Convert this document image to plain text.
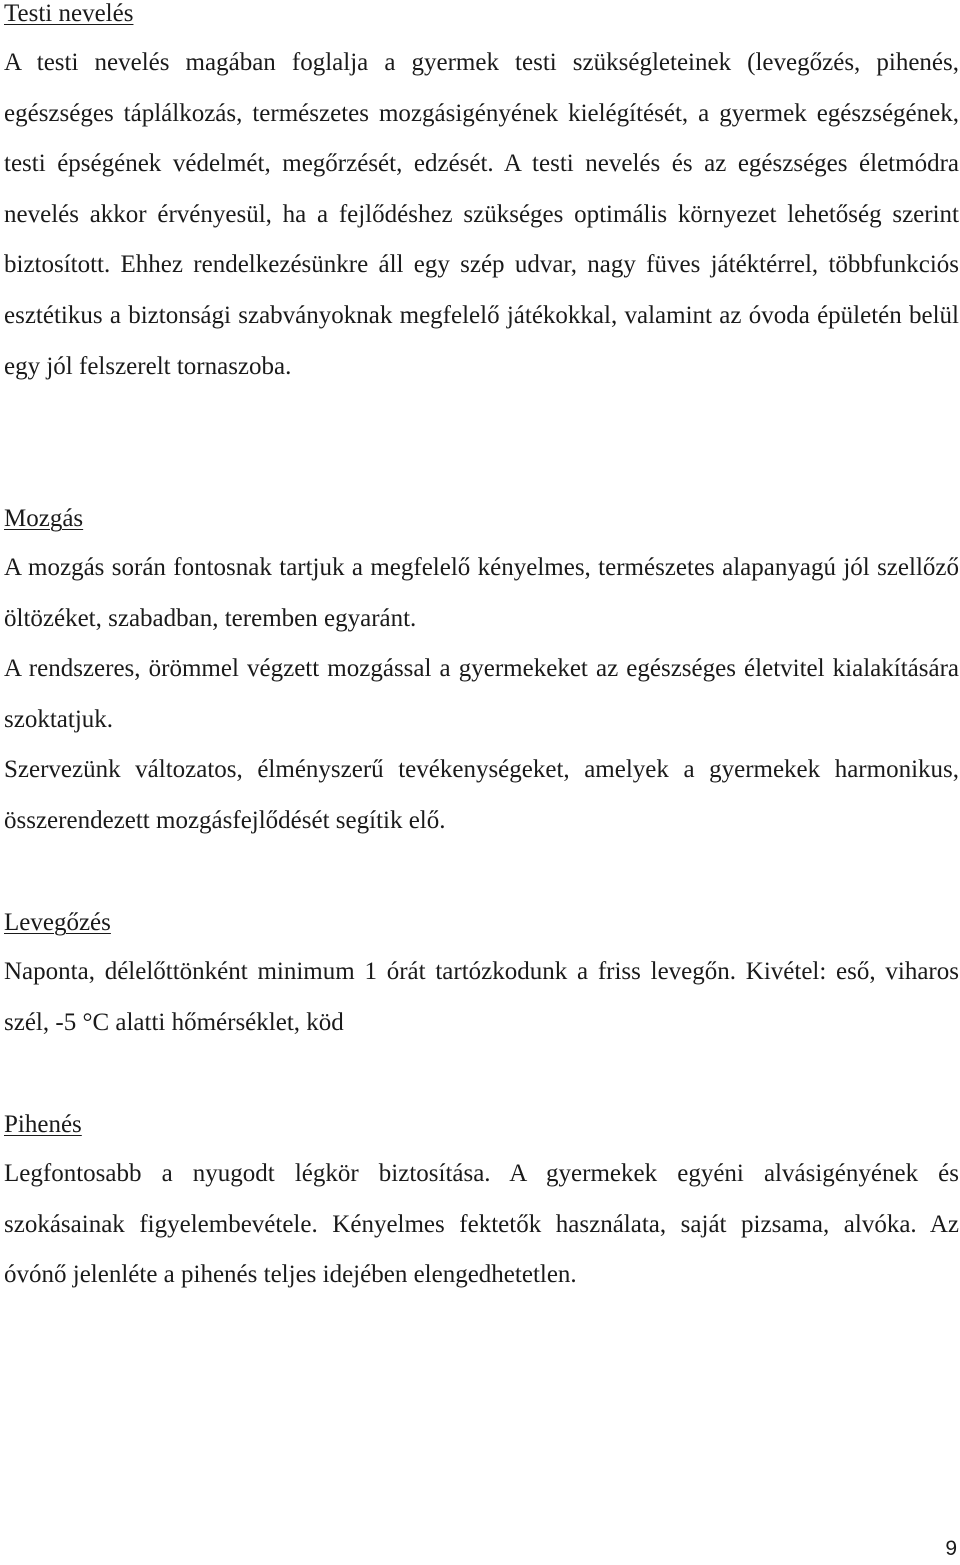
Testi nevelés

A testi nevelés magában foglalja a gyermek testi szükségleteinek (levegőzés, pihenés, egészséges táplálkozás, természetes mozgásigényének kielégítését, a gyermek egészségének, testi épségének védelmét, megőrzését, edzését. A testi nevelés és az egészséges életmódra nevelés akkor érvényesül, ha a fejlődéshez szükséges optimális környezet lehetőség szerint biztosított. Ehhez rendelkezésünkre áll egy szép udvar, nagy füves játéktérrel, többfunkciós esztétikus a biztonsági szabványoknak megfelelő játékokkal, valamint az óvoda épületén belül egy jól felszerelt tornaszoba.

Mozgás

A mozgás során fontosnak tartjuk a megfelelő kényelmes, természetes alapanyagú jól szellőző öltözéket, szabadban, teremben egyaránt.

A rendszeres, örömmel végzett mozgással a gyermekeket az egészséges életvitel kialakítására szoktatjuk.

Szervezünk változatos, élményszerű tevékenységeket, amelyek a gyermekek harmonikus, összerendezett mozgásfejlődését segítik elő.

Levegőzés

Naponta, délelőttönként minimum 1 órát tartózkodunk a friss levegőn. Kivétel: eső, viharos szél, -5 °C alatti hőmérséklet, köd

Pihenés

Legfontosabb a nyugodt légkör biztosítása. A gyermekek egyéni alvásigényének és szokásainak figyelembevétele. Kényelmes fektetők használata, saját pizsama, alvóka. Az óvónő jelenléte a pihenés teljes idejében elengedhetetlen.

9
